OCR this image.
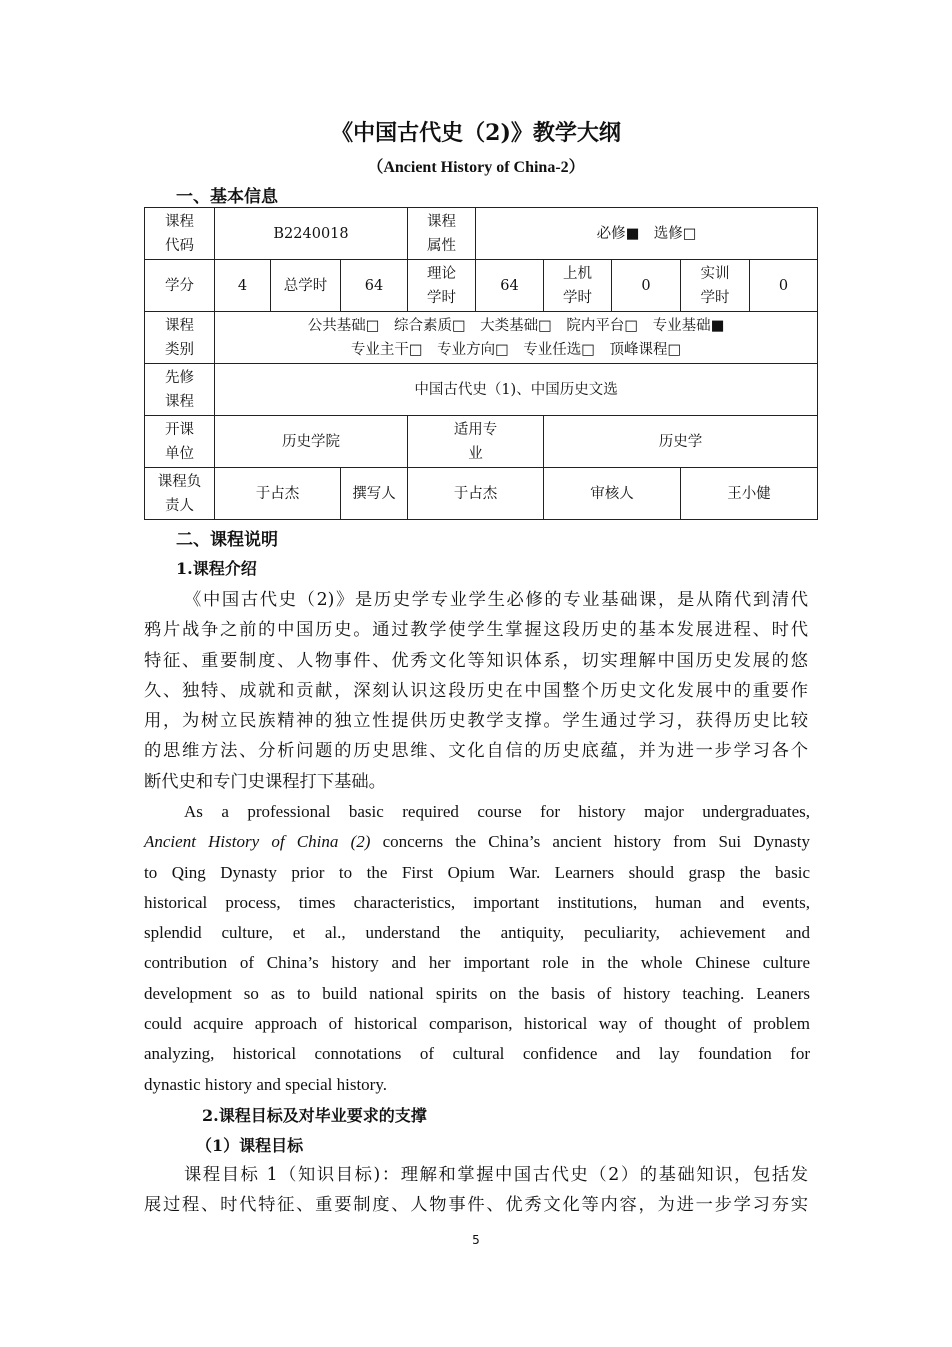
《中国古代史（2)》教学大纲
（Ancient History of China-2）
一、基本信息
课程代码	B2240018			课程属性	必修■　选修□				
学分	4	总学时	64	理论学时	64	上机学时	0	实训学时	0
课程类别	公共基础□　综合素质□　大类基础□　院内平台□　专业基础■
专业主干□　专业方向□　专业任选□　顶峰课程□								

先修课程	中国古代史（1)、中国历史文选								
开课单位	历史学院			适用专业		历史学			
课程负责人	于占杰		撰写人	于占杰		审核人		王小健	
二、课程说明
1.课程介绍
《中国古代史（2)》是历史学专业学生必修的专业基础课，是从隋代到清代
鸦片战争之前的中国历史。通过教学使学生掌握这段历史的基本发展进程、时代
特征、重要制度、人物事件、优秀文化等知识体系，切实理解中国历史发展的悠
久、独特、成就和贡献，深刻认识这段历史在中国整个历史文化发展中的重要作
用，为树立民族精神的独立性提供历史教学支撑。学生通过学习，获得历史比较
的思维方法、分析问题的历史思维、文化自信的历史底蕴，并为进一步学习各个
断代史和专门史课程打下基础。
As a professional basic required course for history major undergraduates,
Ancient History of China (2) concerns the China’s ancient history from Sui Dynasty
to Qing Dynasty prior to the First Opium War. Learners should grasp the basic
historical process, times characteristics, important institutions, human and events,
splendid culture, et al., understand the antiquity, peculiarity, achievement and
contribution of China’s history and her important role in the whole Chinese culture
development so as to build national spirits on the basis of history teaching. Leaners
could acquire approach of historical comparison, historical way of thought of problem
analyzing, historical connotations of cultural confidence and lay foundation for
dynastic history and special history.
2.课程目标及对毕业要求的支撑
（1）课程目标
课程目标 1（知识目标)：理解和掌握中国古代史（2）的基础知识，包括发
展过程、时代特征、重要制度、人物事件、优秀文化等内容，为进一步学习夯实
5
